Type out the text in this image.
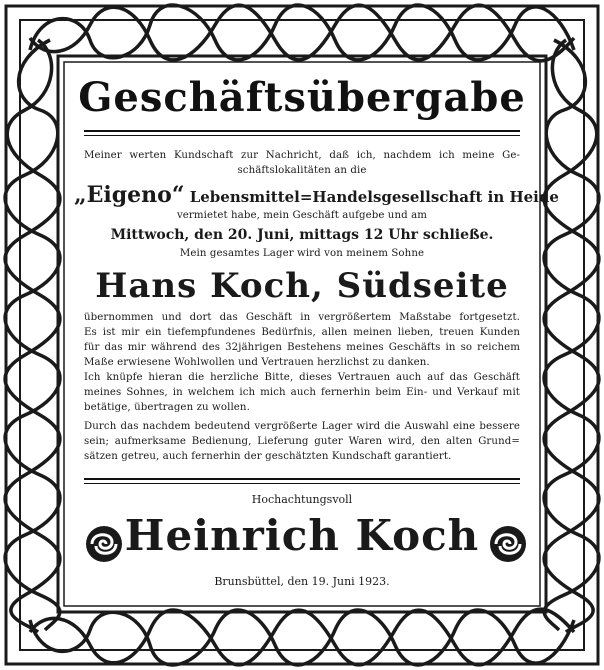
Geschäftsübergabe
Meiner werten Kundschaft zur Nachricht, daß ich, nachdem ich meine Ge-
schäftslokalitäten an die
„Eigeno“ Lebensmittel=Handelsgesellschaft in Heide
vermietet habe, mein Geschäft aufgebe und am
Mittwoch, den 20. Juni, mittags 12 Uhr schließe.
Mein gesamtes Lager wird von meinem Sohne
Hans Koch, Südseite
übernommen und dort das Geschäft in vergrößertem Maßstabe fortgesetzt.
Es ist mir ein tiefempfundenes Bedürfnis, allen meinen lieben, treuen Kunden
für das mir während des 32jährigen Bestehens meines Geschäfts in so reichem
Maße erwiesene Wohlwollen und Vertrauen herzlichst zu danken.
Ich knüpfe hieran die herzliche Bitte, dieses Vertrauen auch auf das Geschäft
meines Sohnes, in welchem ich mich auch fernerhin beim Ein- und Verkauf mit
betätige, übertragen zu wollen.
Durch das nachdem bedeutend vergrößerte Lager wird die Auswahl eine bessere
sein; aufmerksame Bedienung, Lieferung guter Waren wird, den alten Grund=
sätzen getreu, auch fernerhin der geschätzten Kundschaft garantiert.
Hochachtungsvoll
Heinrich Koch
Brunsbüttel, den 19. Juni 1923.
